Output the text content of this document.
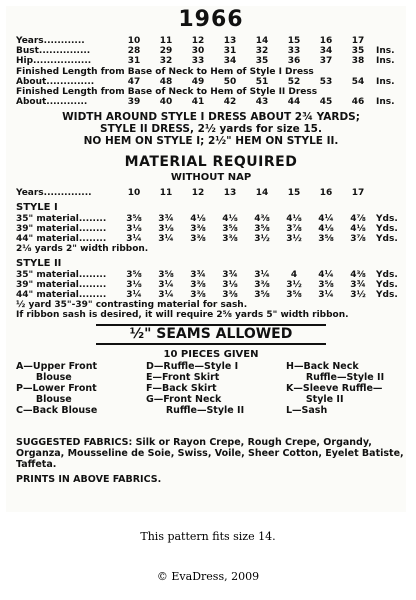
1966
Years............	10	11	12	13	14	15	16	17
Bust...............	28	29	30	31	32	33	34	35	Ins.
Hip.................	31	32	33	34	35	36	37	38	Ins.
Finished Length from Base of Neck to Hem of Style I Dress
About..............	47	48	49	50	51	52	53	54	Ins.
Finished Length from Base of Neck to Hem of Style II Dress
About............	39	40	41	42	43	44	45	46	Ins.
WIDTH AROUND STYLE I DRESS ABOUT 2¾ YARDS;
STYLE II DRESS, 2½ yards for size 15.
NO HEM ON STYLE I; 2½" HEM ON STYLE II.
MATERIAL REQUIRED
WITHOUT NAP
Years..............	10	11	12	13	14	15	16	17
STYLE I
35" material........	3⅝	3¾	4⅛	4⅛	4⅜	4⅛	4¼	4⅞	Yds.
39" material........	3⅛	3⅛	3⅜	3⅝	3⅝	3⅞	4⅛	4⅛	Yds.
44" material........	3¼	3¼	3⅜	3⅜	3½	3½	3⅝	3⅞	Yds.
2⅛ yards 2" width ribbon.
STYLE II
35" material........	3⅝	3⅝	3¾	3¾	3¼	4	4¼	4⅜	Yds.
39" material........	3⅛	3¼	3⅜	3⅛	3⅜	3½	3⅝	3¾	Yds.
44" material........	3¼	3¼	3⅜	3⅜	3⅝	3⅝	3¼	3½	Yds.
½ yard 35"-39" contrasting material for sash.
If ribbon sash is desired, it will require 2⅝ yards 5" width ribbon.
½" SEAMS ALLOWED
10 PIECES GIVEN
A—Upper Front
Blouse
P—Lower Front
Blouse
C—Back Blouse
D—Ruffle—Style I
E—Front Skirt
F—Back Skirt
G—Front Neck
Ruffle—Style II
H—Back Neck
Ruffle—Style II
K—Sleeve Ruffle—
Style II
L—Sash
SUGGESTED FABRICS: Silk or Rayon Crepe, Rough Crepe, Organdy, Organza, Mousseline de Soie, Swiss, Voile, Sheer Cotton, Eyelet Batiste, Taffeta.
PRINTS IN ABOVE FABRICS.
This pattern fits size 14.
© EvaDress, 2009
